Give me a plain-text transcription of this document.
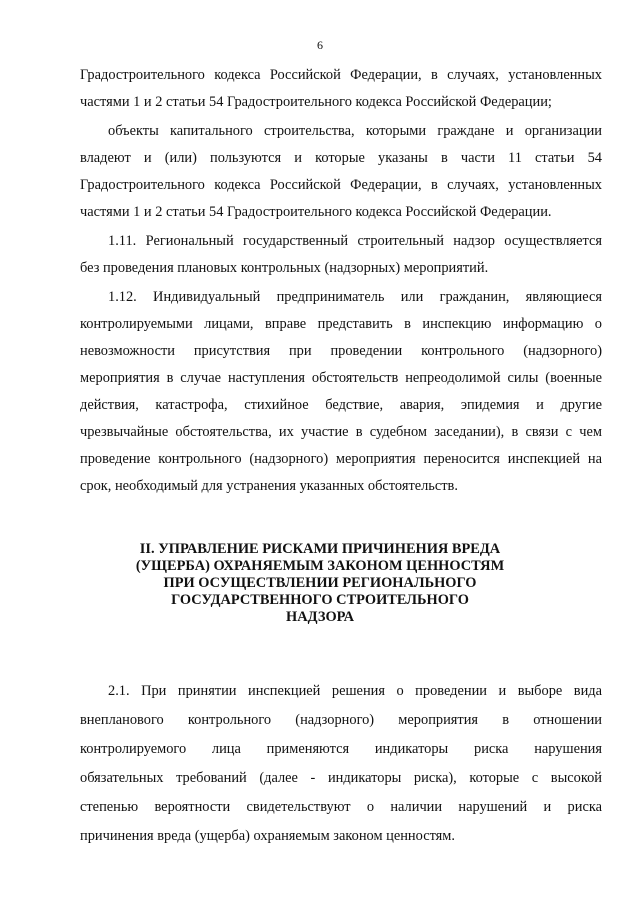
6
Градостроительного кодекса Российской Федерации, в случаях, установленных
частями 1 и 2 статьи 54 Градостроительного кодекса Российской Федерации;
объекты капитального строительства, которыми граждане и организации
владеют и (или) пользуются и которые указаны в части 11 статьи 54
Градостроительного кодекса Российской Федерации, в случаях, установленных
частями 1 и 2 статьи 54 Градостроительного кодекса Российской Федерации.
1.11. Региональный государственный строительный надзор осуществляется
без проведения плановых контрольных (надзорных) мероприятий.
1.12. Индивидуальный предприниматель или гражданин, являющиеся
контролируемыми лицами, вправе представить в инспекцию информацию о
невозможности присутствия при проведении контрольного (надзорного)
мероприятия в случае наступления обстоятельств непреодолимой силы (военные
действия, катастрофа, стихийное бедствие, авария, эпидемия и другие
чрезвычайные обстоятельства, их участие в судебном заседании), в связи с чем
проведение контрольного (надзорного) мероприятия переносится инспекцией на
срок, необходимый для устранения указанных обстоятельств.
II. УПРАВЛЕНИЕ РИСКАМИ ПРИЧИНЕНИЯ ВРЕДА
(УЩЕРБА) ОХРАНЯЕМЫМ ЗАКОНОМ ЦЕННОСТЯМ
ПРИ ОСУЩЕСТВЛЕНИИ РЕГИОНАЛЬНОГО
ГОСУДАРСТВЕННОГО СТРОИТЕЛЬНОГО
НАДЗОРА
2.1. При принятии инспекцией решения о проведении и выборе вида
внепланового контрольного (надзорного) мероприятия в отношении
контролируемого лица применяются индикаторы риска нарушения
обязательных требований (далее - индикаторы риска), которые с высокой
степенью вероятности свидетельствуют о наличии нарушений и риска
причинения вреда (ущерба) охраняемым законом ценностям.
